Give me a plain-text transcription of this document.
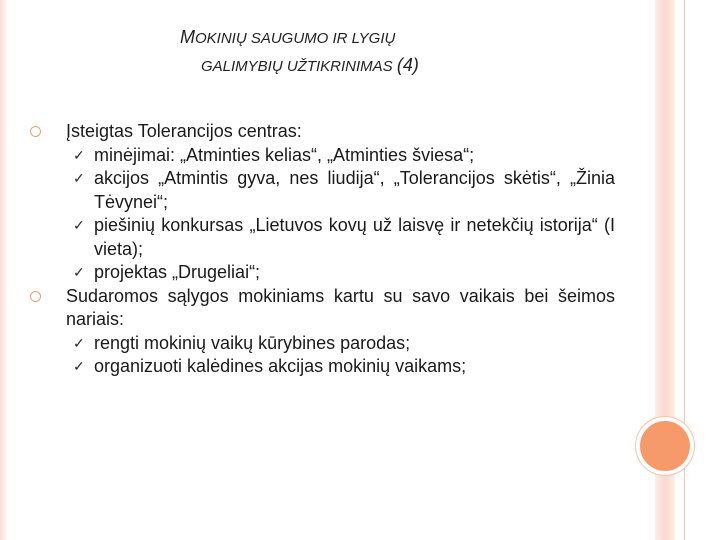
MOKINIŲ SAUGUMO IR LYGIŲ
GALIMYBIŲ UŽTIKRINIMAS (4)
Įsteigtas Tolerancijos centras:
✓ minėjimai: „Atminties kelias“, „Atminties šviesa“;
✓ akcijos „Atmintis gyva, nes liudija“, „Tolerancijos skėtis“, „Žinia Tėvynei“;
✓ piešinių konkursas „Lietuvos kovų už laisvę ir netekčių istorija“ (I vieta);
✓ projektas „Drugeliai“;
Sudaromos sąlygos mokiniams kartu su savo vaikais bei šeimos nariais:
✓ rengti mokinių vaikų kūrybines parodas;
✓ organizuoti kalėdines akcijas mokinių vaikams;
